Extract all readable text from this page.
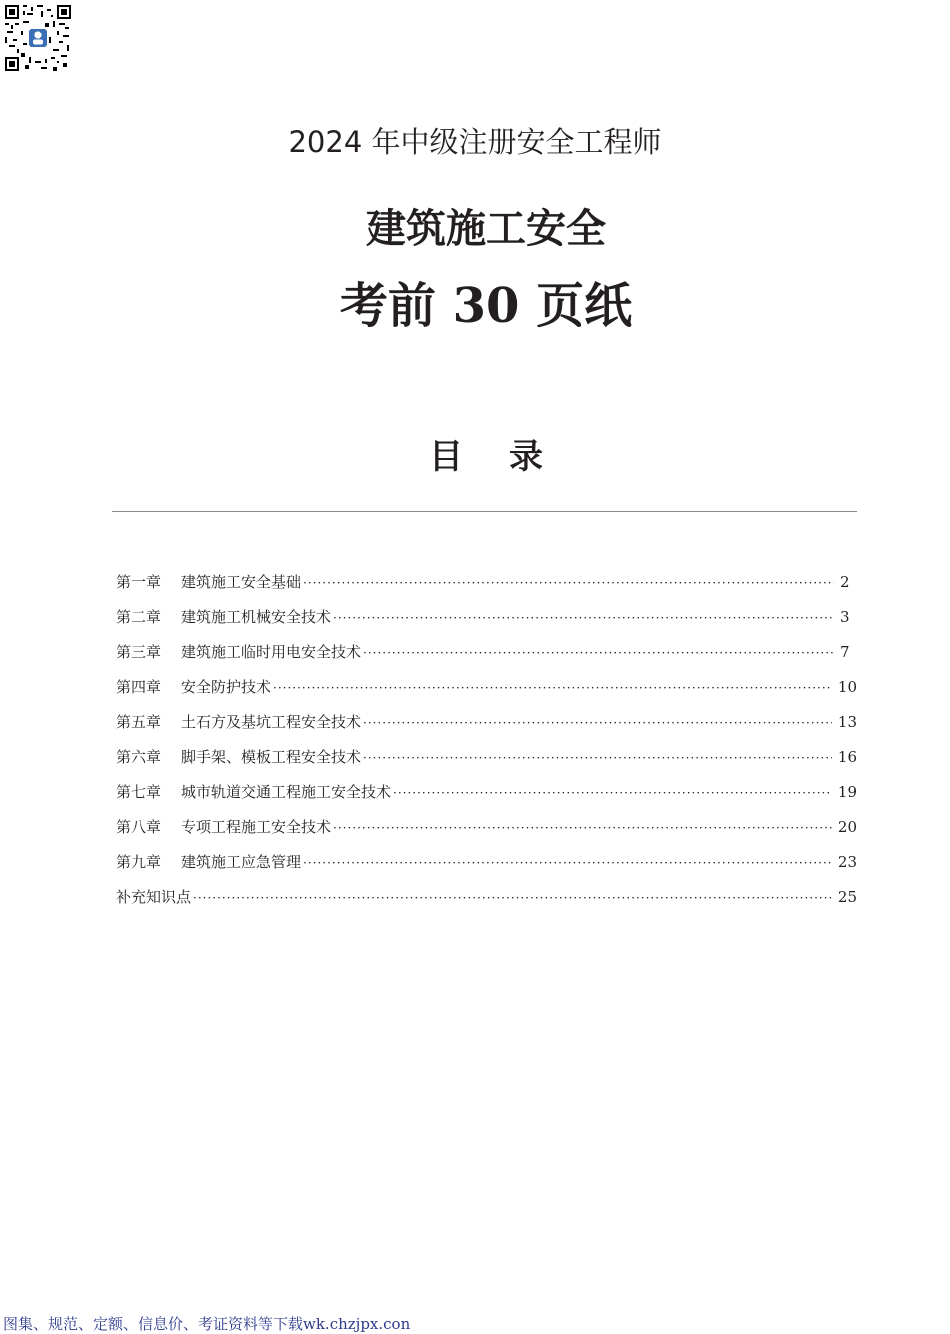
2024 年中级注册安全工程师
建筑施工安全
考前 30 页纸
目录
第一章	建筑施工安全基础 ·····	2
第二章	建筑施工机械安全技术 ·····	3
第三章	建筑施工临时用电安全技术 ·····	7
第四章	安全防护技术 ·····	10
第五章	土石方及基坑工程安全技术 ·····	13
第六章	脚手架、模板工程安全技术 ·····	16
第七章	城市轨道交通工程施工安全技术 ·····	19
第八章	专项工程施工安全技术 ·····	20
第九章	建筑施工应急管理 ·····	23
补充知识点 ·····	25
图集、规范、定额、信息价、考证资料等下载wk.chzjpx.con
